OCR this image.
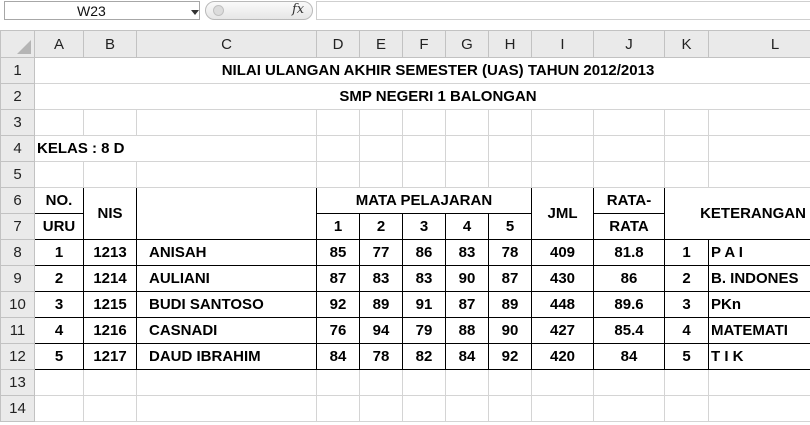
W23	fx
	A	B	C	D	E	F	G	H	I	J	K	L
1	NILAI ULANGAN AKHIR SEMESTER (UAS) TAHUN 2012/2013											
2	SMP NEGERI 1 BALONGAN											
3												
4	KELAS : 8 D											
5												
6	NO.	NIS		MATA PELAJARAN					JML	RATA-	KETERANGAN	
7	URU			1	2	3	4	5		RATA		
8	1	1213	ANISAH	85	77	86	83	78	409	81.8	1	P A I
9	2	1214	AULIANI	87	83	83	90	87	430	86	2	B. INDONES
10	3	1215	BUDI SANTOSO	92	89	91	87	89	448	89.6	3	PKn
11	4	1216	CASNADI	76	94	79	88	90	427	85.4	4	MATEMATI
12	5	1217	DAUD IBRAHIM	84	78	82	84	92	420	84	5	T I K
13												
14												
